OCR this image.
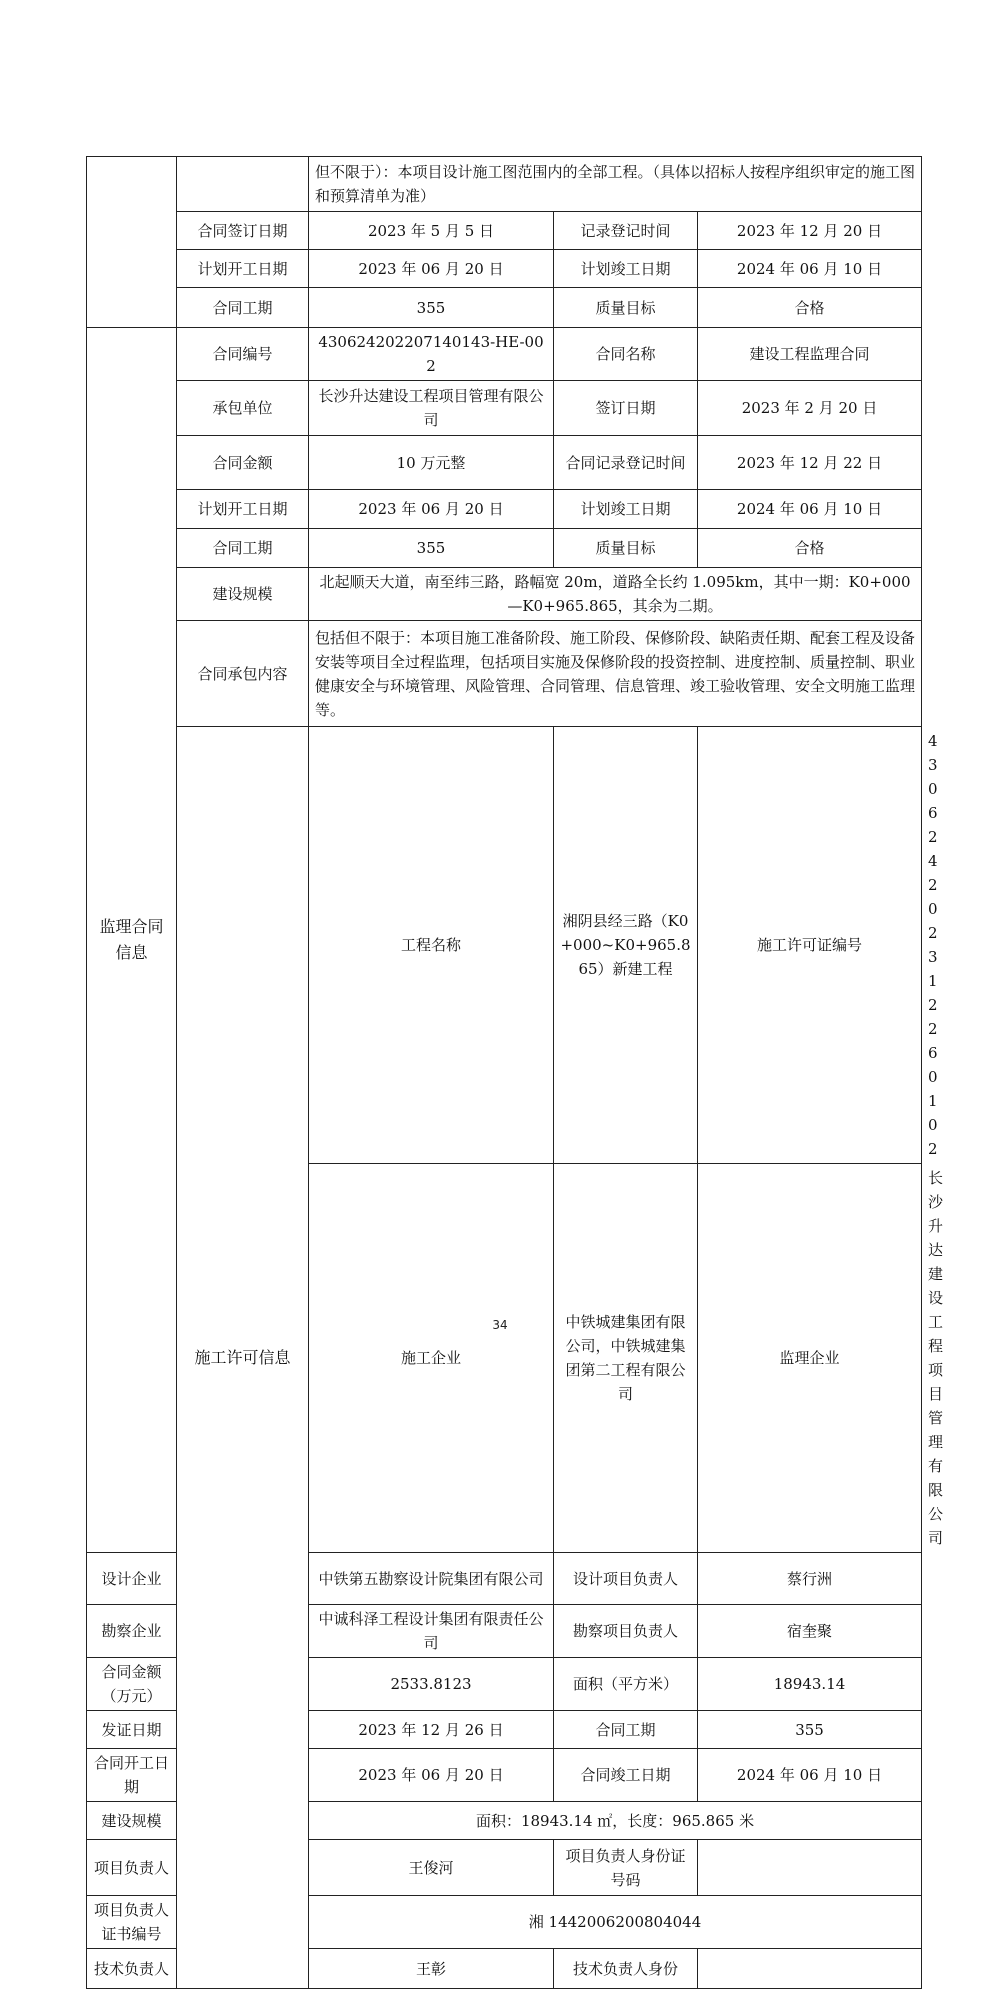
		但不限于）：本项目设计施工图范围内的全部工程。（具体以招标人按程序组织审定的施工图和预算清单为准）			
	合同签订日期	2023 年 5 月 5 日	记录登记时间	2023 年 12 月 20 日	
	计划开工日期	2023 年 06 月 20 日	计划竣工日期	2024 年 06 月 10 日	
	合同工期	355	质量目标	合格	
监理合同信息	合同编号	430624202207140143-HE-002	合同名称	建设工程监理合同	
	承包单位	长沙升达建设工程项目管理有限公司	签订日期	2023 年 2 月 20 日	
	合同金额	10 万元整	合同记录登记时间	2023 年 12 月 22 日	
	计划开工日期	2023 年 06 月 20 日	计划竣工日期	2024 年 06 月 10 日	
	合同工期	355	质量目标	合格	
	建设规模	北起顺天大道，南至纬三路，路幅宽 20m，道路全长约 1.095km，其中一期：K0+000—K0+965.865，其余为二期。			
	合同承包内容	包括但不限于：本项目施工准备阶段、施工阶段、保修阶段、缺陷责任期、配套工程及设备安装等项目全过程监理，包括项目实施及保修阶段的投资控制、进度控制、质量控制、职业健康安全与环境管理、风险管理、合同管理、信息管理、竣工验收管理、安全文明施工监理等。			
	施工许可信息	工程名称	湘阴县经三路（K0+000~K0+965.865）新建工程	施工许可证编号	430624202312260102
		施工企业	中铁城建集团有限公司，中铁城建集团第二工程有限公司	监理企业	长沙升达建设工程项目管理有限公司
设计企业		中铁第五勘察设计院集团有限公司	设计项目负责人	蔡行洲	
勘察企业		中诚科泽工程设计集团有限责任公司	勘察项目负责人	宿奎聚	
合同金额（万元）		2533.8123	面积（平方米）	18943.14	
发证日期		2023 年 12 月 26 日	合同工期	355	
合同开工日期		2023 年 06 月 20 日	合同竣工日期	2024 年 06 月 10 日	
建设规模		面积：18943.14 ㎡，长度：965.865 米			
项目负责人		王俊河	项目负责人身份证号码		
项目负责人证书编号		湘 1442006200804044			
技术负责人		王彰	技术负责人身份		
34
